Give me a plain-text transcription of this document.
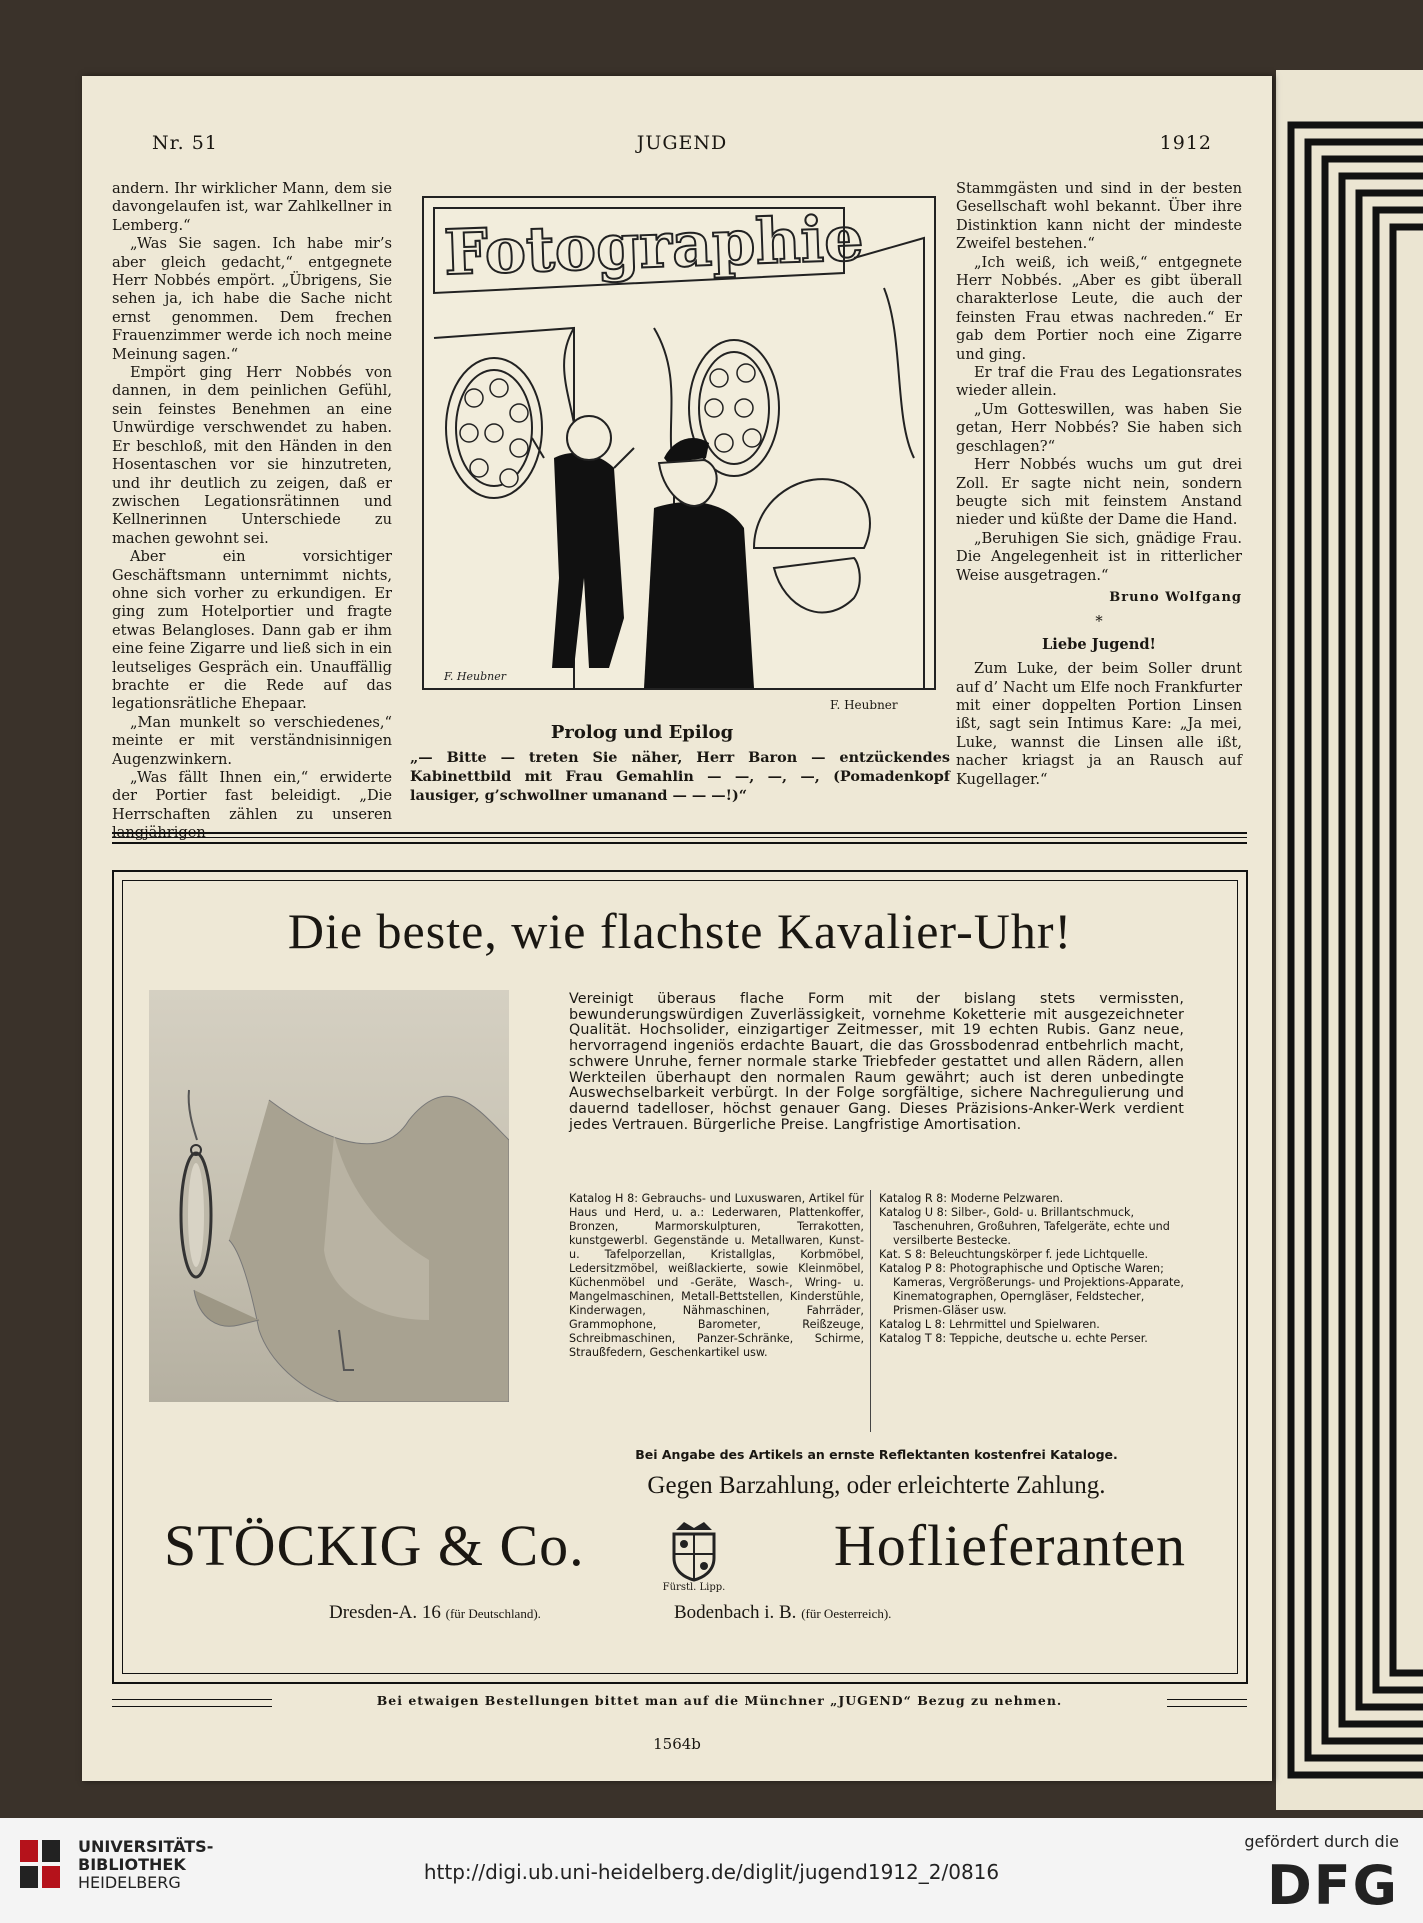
Nr. 51	JUGEND	1912

andern. Ihr wirklicher Mann, dem sie davongelaufen ist, war Zahlkellner in Lemberg.“

„Was Sie sagen. Ich habe mir’s aber gleich gedacht,“ entgegnete Herr Nobbés empört. „Übrigens, Sie sehen ja, ich habe die Sache nicht ernst genommen. Dem frechen Frauenzimmer werde ich noch meine Meinung sagen.“

Empört ging Herr Nobbés von dannen, in dem peinlichen Gefühl, sein feinstes Benehmen an eine Unwürdige verschwendet zu haben. Er beschloß, mit den Händen in den Hosentaschen vor sie hinzutreten, und ihr deutlich zu zeigen, daß er zwischen Legationsrätinnen und Kellnerinnen Unterschiede zu machen gewohnt sei.

Aber ein vorsichtiger Geschäftsmann unternimmt nichts, ohne sich vorher zu erkundigen. Er ging zum Hotelportier und fragte etwas Belangloses. Dann gab er ihm eine feine Zigarre und ließ sich in ein leutseliges Gespräch ein. Unauffällig brachte er die Rede auf das legationsrätliche Ehepaar.

„Man munkelt so verschiedenes,“ meinte er mit verständnisinnigen Augenzwinkern.

„Was fällt Ihnen ein,“ erwiderte der Portier fast beleidigt. „Die Herrschaften zählen zu unseren langjährigen

Fotographie
F. Heubner
F. Heubner
Prolog und Epilog
„— Bitte — treten Sie näher, Herr Baron — entzückendes Kabinettbild mit Frau Gemahlin — —, —, —, (Pomadenkopf lausiger, g’schwollner umanand — — —!)“

Stammgästen und sind in der besten Gesellschaft wohl bekannt. Über ihre Distinktion kann nicht der mindeste Zweifel bestehen.“

„Ich weiß, ich weiß,“ entgegnete Herr Nobbés. „Aber es gibt überall charakterlose Leute, die auch der feinsten Frau etwas nachreden.“ Er gab dem Portier noch eine Zigarre und ging.

Er traf die Frau des Legationsrates wieder allein.

„Um Gotteswillen, was haben Sie getan, Herr Nobbés? Sie haben sich geschlagen?“

Herr Nobbés wuchs um gut drei Zoll. Er sagte nicht nein, sondern beugte sich mit feinstem Anstand nieder und küßte der Dame die Hand.

„Beruhigen Sie sich, gnädige Frau. Die Angelegenheit ist in ritterlicher Weise ausgetragen.“

Bruno Wolfgang
*
Liebe Jugend!

Zum Luke, der beim Soller drunt auf d’ Nacht um Elfe noch Frankfurter mit einer doppelten Portion Linsen ißt, sagt sein Intimus Kare: „Ja mei, Luke, wannst die Linsen alle ißt, nacher kriagst ja an Rausch auf Kugellager.“

Die beste, wie flachste Kavalier-Uhr!
Vereinigt überaus flache Form mit der bislang stets vermissten, bewunderungswürdigen Zuverlässigkeit, vornehme Koketterie mit ausgezeichneter Qualität. Hochsolider, einzigartiger Zeitmesser, mit 19 echten Rubis. Ganz neue, hervorragend ingeniös erdachte Bauart, die das Grossbodenrad entbehrlich macht, schwere Unruhe, ferner normale starke Triebfeder gestattet und allen Rädern, allen Werkteilen überhaupt den normalen Raum gewährt; auch ist deren unbedingte Auswechselbarkeit verbürgt. In der Folge sorgfältige, sichere Nachregulierung und dauernd tadelloser, höchst genauer Gang. Dieses Präzisions-Anker-Werk verdient jedes Vertrauen. Bürgerliche Preise. Langfristige Amortisation.
Katalog H 8: Gebrauchs- und Luxuswaren, Artikel für Haus und Herd, u. a.: Lederwaren, Plattenkoffer, Bronzen, Marmorskulpturen, Terrakotten, kunstgewerbl. Gegenstände u. Metallwaren, Kunst- u. Tafelporzellan, Kristallglas, Korbmöbel, Ledersitzmöbel, weißlackierte, sowie Kleinmöbel, Küchenmöbel und -Geräte, Wasch-, Wring- u. Mangelmaschinen, Metall-Bettstellen, Kinderstühle, Kinderwagen, Nähmaschinen, Fahrräder, Grammophone, Barometer, Reißzeuge, Schreibmaschinen, Panzer-Schränke, Schirme, Straußfedern, Geschenkartikel usw.
Katalog R 8: Moderne Pelzwaren.
Katalog U 8: Silber-, Gold- u. Brillantschmuck, Taschenuhren, Großuhren, Tafelgeräte, echte und versilberte Bestecke.
Kat. S 8: Beleuchtungskörper f. jede Lichtquelle.
Katalog P 8: Photographische und Optische Waren; Kameras, Vergrößerungs- und Projektions-Apparate, Kinematographen, Operngläser, Feldstecher, Prismen-Gläser usw.
Katalog L 8: Lehrmittel und Spielwaren.
Katalog T 8: Teppiche, deutsche u. echte Perser.
Bei Angabe des Artikels an ernste Reflektanten kostenfrei Kataloge.
Gegen Barzahlung, oder erleichterte Zahlung.
STÖCKIG & Co.
Fürstl. Lipp.
Hoflieferanten
Dresden-A. 16 (für Deutschland).	Bodenbach i. B. (für Oesterreich).
Bei etwaigen Bestellungen bittet man auf die Münchner „JUGEND“ Bezug zu nehmen.
1564b
UNIVERSITÄTS-
BIBLIOTHEK
HEIDELBERG	http://digi.ub.uni-heidelberg.de/diglit/jugend1912_2/0816
gefördert durch die
DFG
